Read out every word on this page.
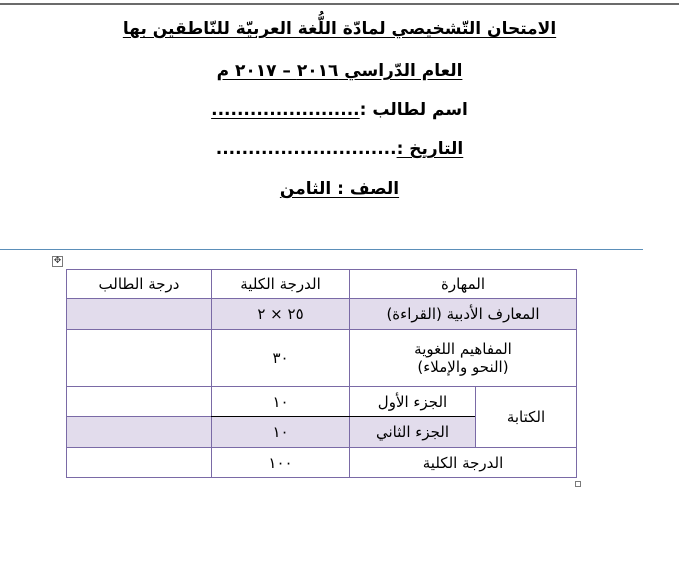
الامتحان التّشخيصي لمادّة اللُّغة العربيّة للنّاطقين بها
العام الدّراسي ٢٠١٦ – ٢٠١٧ م
اسم لطالب :.......................
التاريخ :............................
الصف : الثامن
✥
المهارة		الدرجة الكلية	درجة الطالب
المعارف الأدبية (القراءة)		٢٥ × ٢	

المفاهيم اللغوية
(النحو والإملاء)		٣٠	
الكتابة	الجزء الأول	١٠	
	الجزء الثاني	١٠	
الدرجة الكلية		١٠٠	
